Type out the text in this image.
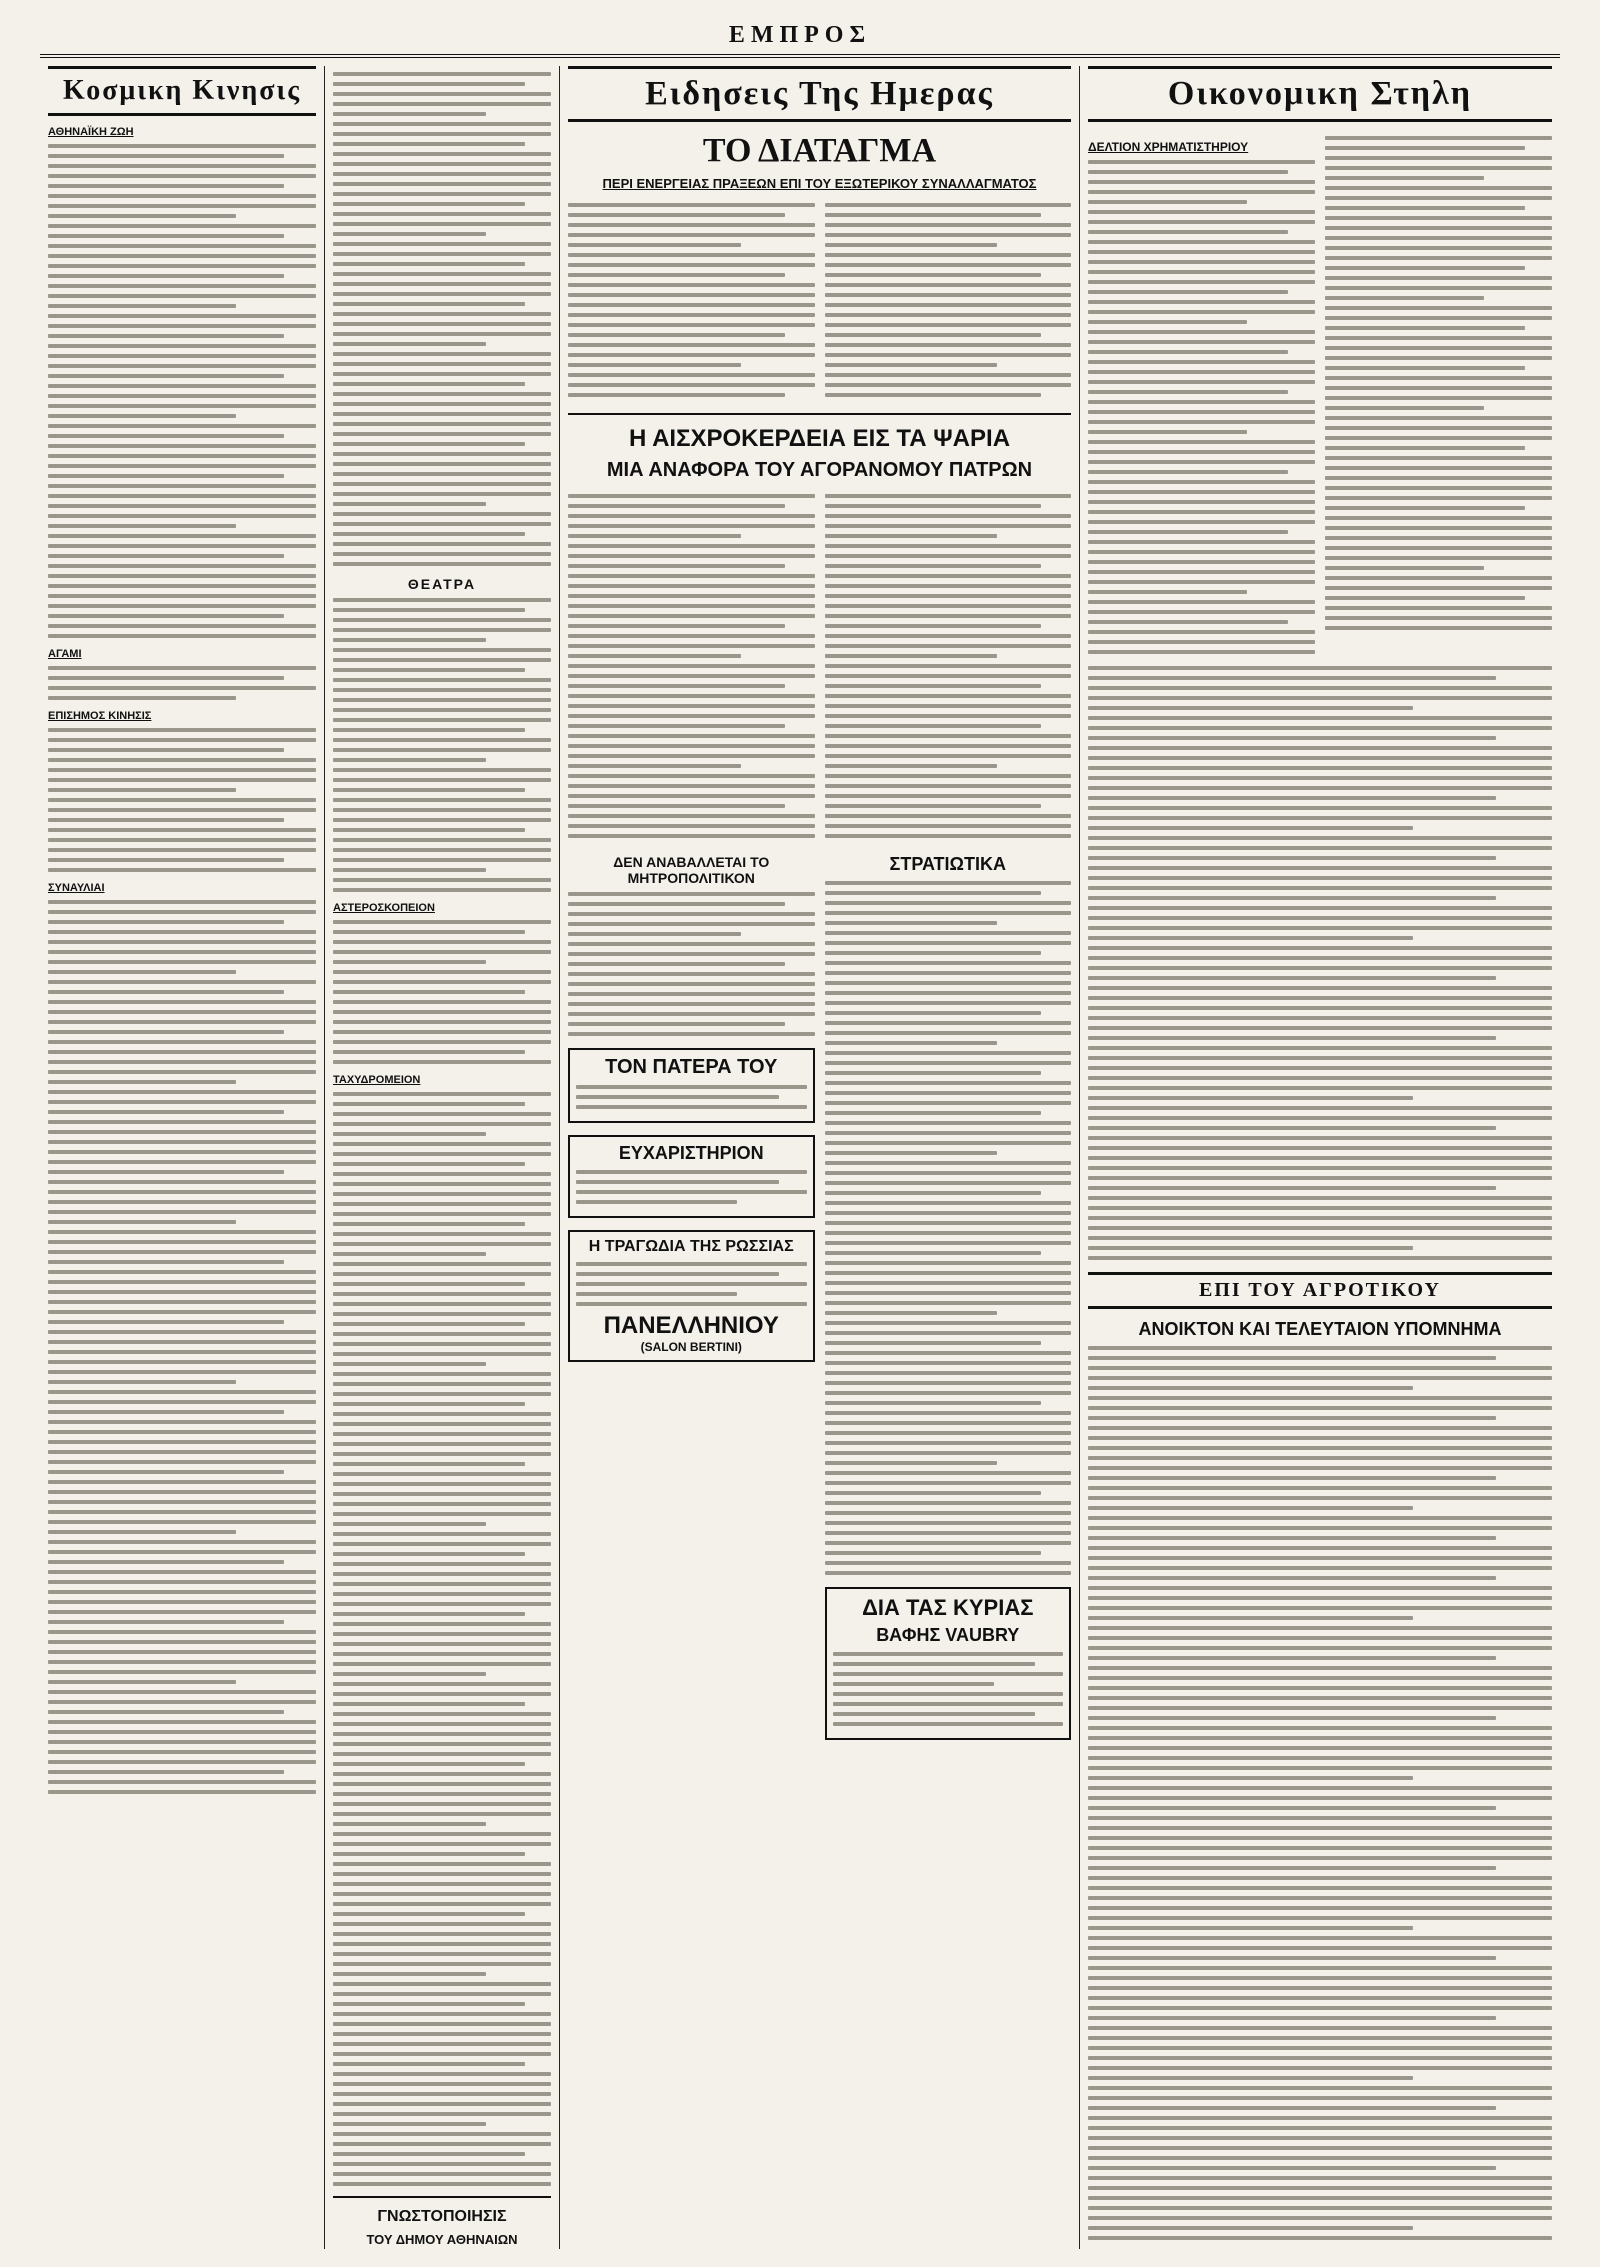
ΕΜΠΡΟΣ
Κοσμικη Κινησις
ΑΘΗΝΑΪΚΗ ΖΩΗ
ΑΓΑΜΙ
ΕΠΙΣΗΜΟΣ ΚΙΝΗΣΙΣ
ΣΥΝΑΥΛΙΑΙ
ΘΕΑΤΡΑ
ΑΣΤΕΡΟΣΚΟΠΕΙΟΝ
ΤΑΧΥΔΡΟΜΕΙΟΝ
ΓΝΩΣΤΟΠΟΙΗΣΙΣ
ΤΟΥ ΔΗΜΟΥ ΑΘΗΝΑΙΩΝ
Ειδησεις Της Ημερας
ΤΟ ΔΙΑΤΑΓΜΑ
ΠΕΡΙ ΕΝΕΡΓΕΙΑΣ ΠΡΑΞΕΩΝ ΕΠΙ ΤΟΥ ΕΞΩΤΕΡΙΚΟΥ ΣΥΝΑΛΛΑΓΜΑΤΟΣ
Η ΑΙΣΧΡΟΚΕΡΔΕΙΑ ΕΙΣ ΤΑ ΨΑΡΙΑ
ΜΙΑ ΑΝΑΦΟΡΑ ΤΟΥ ΑΓΟΡΑΝΟΜΟΥ ΠΑΤΡΩΝ
ΔΕΝ ΑΝΑΒΑΛΛΕΤΑΙ ΤΟ ΜΗΤΡΟΠΟΛΙΤΙΚΟΝ
ΤΟΝ ΠΑΤΕΡΑ ΤΟΥ
ΕΥΧΑΡΙΣΤΗΡΙΟΝ
Η ΤΡΑΓΩΔΙΑ ΤΗΣ ΡΩΣΣΙΑΣ
ΠΑΝΕΛΛΗΝΙΟΥ
(SALON BERTINI)
ΣΤΡΑΤΙΩΤΙΚΑ
ΔΙΑ ΤΑΣ ΚΥΡΙΑΣ
ΒΑΦΗΣ VAUBRY
Οικονομικη Στηλη
ΔΕΛΤΙΟΝ ΧΡΗΜΑΤΙΣΤΗΡΙΟΥ
ΕΠΙ ΤΟΥ ΑΓΡΟΤΙΚΟΥ
ΑΝΟΙΚΤΟΝ ΚΑΙ ΤΕΛΕΥΤΑΙΟΝ ΥΠΟΜΝΗΜΑ
